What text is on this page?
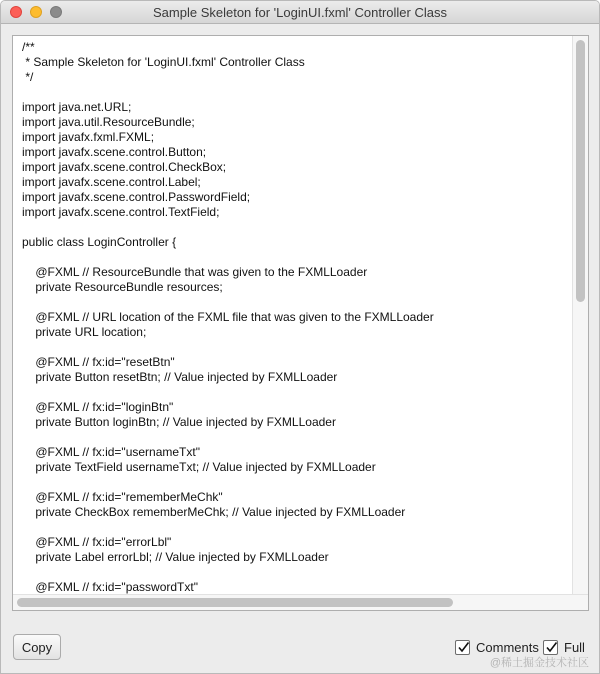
Sample Skeleton for 'LoginUI.fxml' Controller Class
/**
* Sample Skeleton for 'LoginUI.fxml' Controller Class
*/

import java.net.URL;
import java.util.ResourceBundle;
import javafx.fxml.FXML;
import javafx.scene.control.Button;
import javafx.scene.control.CheckBox;
import javafx.scene.control.Label;
import javafx.scene.control.PasswordField;
import javafx.scene.control.TextField;

public class LoginController {

@FXML // ResourceBundle that was given to the FXMLLoader
private ResourceBundle resources;

@FXML // URL location of the FXML file that was given to the FXMLLoader
private URL location;

@FXML // fx:id="resetBtn"
private Button resetBtn; // Value injected by FXMLLoader

@FXML // fx:id="loginBtn"
private Button loginBtn; // Value injected by FXMLLoader

@FXML // fx:id="usernameTxt"
private TextField usernameTxt; // Value injected by FXMLLoader

@FXML // fx:id="rememberMeChk"
private CheckBox rememberMeChk; // Value injected by FXMLLoader

@FXML // fx:id="errorLbl"
private Label errorLbl; // Value injected by FXMLLoader

@FXML // fx:id="passwordTxt"
Copy	Comments Full
@稀土掘金技术社区
